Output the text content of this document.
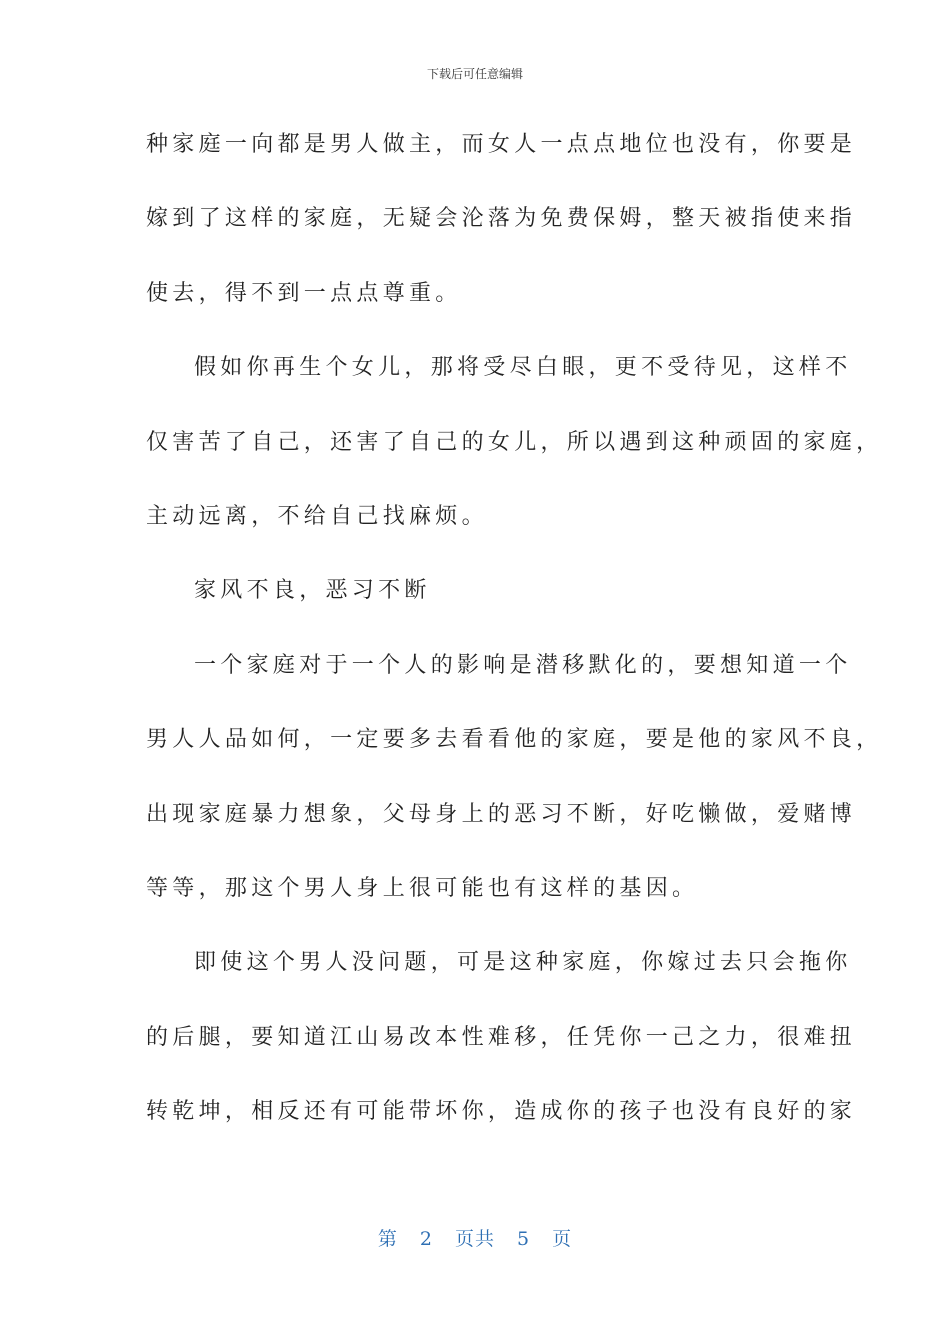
下载后可任意编辑
种家庭一向都是男人做主，而女人一点点地位也没有，你要是
嫁到了这样的家庭，无疑会沦落为免费保姆，整天被指使来指
使去，得不到一点点尊重。
假如你再生个女儿，那将受尽白眼，更不受待见，这样不
仅害苦了自己，还害了自己的女儿，所以遇到这种顽固的家庭，
主动远离，不给自己找麻烦。
家风不良，恶习不断
一个家庭对于一个人的影响是潜移默化的，要想知道一个
男人人品如何，一定要多去看看他的家庭，要是他的家风不良，
出现家庭暴力想象，父母身上的恶习不断，好吃懒做，爱赌博
等等，那这个男人身上很可能也有这样的基因。
即使这个男人没问题，可是这种家庭，你嫁过去只会拖你
的后腿，要知道江山易改本性难移，任凭你一己之力，很难扭
转乾坤，相反还有可能带坏你，造成你的孩子也没有良好的家
第 2 页共 5 页
